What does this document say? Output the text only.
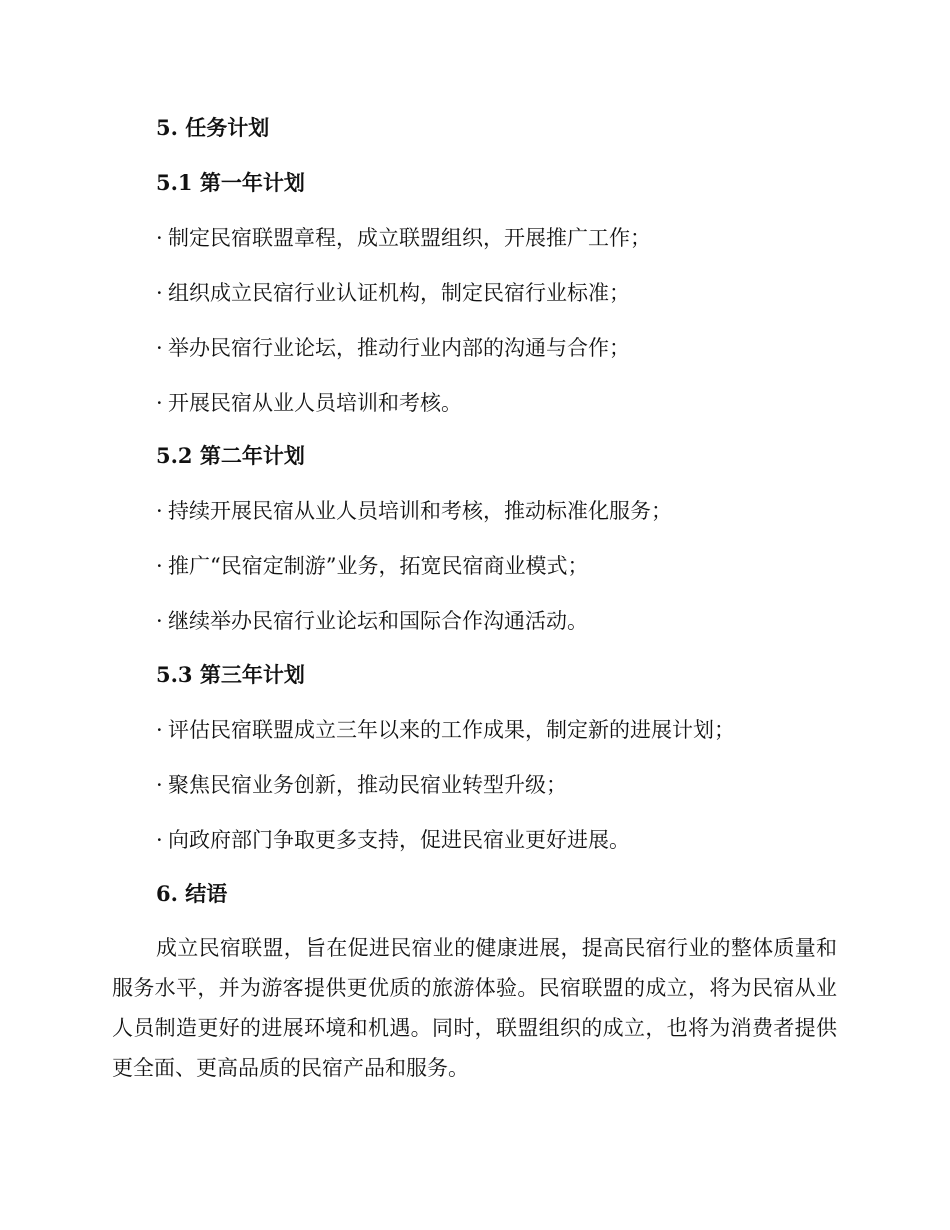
5. 任务计划
5.1 第一年计划
· 制定民宿联盟章程，成立联盟组织，开展推广工作；
· 组织成立民宿行业认证机构，制定民宿行业标准；
· 举办民宿行业论坛，推动行业内部的沟通与合作；
· 开展民宿从业人员培训和考核。
5.2 第二年计划
· 持续开展民宿从业人员培训和考核，推动标准化服务；
· 推广“民宿定制游”业务，拓宽民宿商业模式；
· 继续举办民宿行业论坛和国际合作沟通活动。
5.3 第三年计划
· 评估民宿联盟成立三年以来的工作成果，制定新的进展计划；
· 聚焦民宿业务创新，推动民宿业转型升级；
· 向政府部门争取更多支持，促进民宿业更好进展。
6. 结语
成立民宿联盟，旨在促进民宿业的健康进展，提高民宿行业的整体质量和服务水平，并为游客提供更优质的旅游体验。民宿联盟的成立，将为民宿从业人员制造更好的进展环境和机遇。同时，联盟组织的成立，也将为消费者提供更全面、更高品质的民宿产品和服务。
